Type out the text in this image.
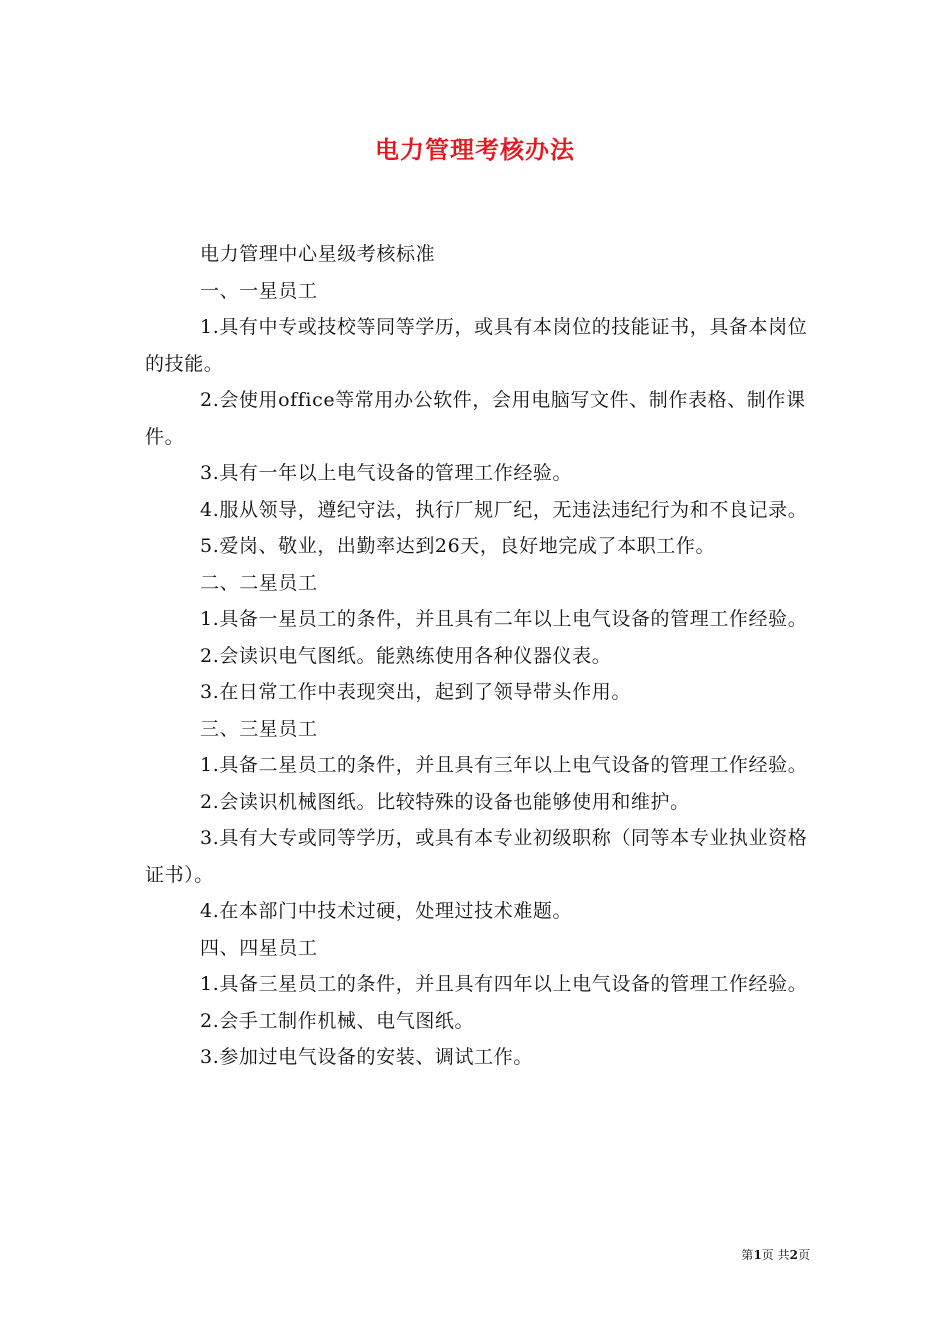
电力管理考核办法

电力管理中心星级考核标准

一、一星员工

1.具有中专或技校等同等学历，或具有本岗位的技能证书，具备本岗位的技能。

2.会使用office等常用办公软件，会用电脑写文件、制作表格、制作课件。

3.具有一年以上电气设备的管理工作经验。

4.服从领导，遵纪守法，执行厂规厂纪，无违法违纪行为和不良记录。

5.爱岗、敬业，出勤率达到26天，良好地完成了本职工作。

二、二星员工

1.具备一星员工的条件，并且具有二年以上电气设备的管理工作经验。

2.会读识电气图纸。能熟练使用各种仪器仪表。

3.在日常工作中表现突出，起到了领导带头作用。

三、三星员工

1.具备二星员工的条件，并且具有三年以上电气设备的管理工作经验。

2.会读识机械图纸。比较特殊的设备也能够使用和维护。

3.具有大专或同等学历，或具有本专业初级职称（同等本专业执业资格证书）。

4.在本部门中技术过硬，处理过技术难题。

四、四星员工

1.具备三星员工的条件，并且具有四年以上电气设备的管理工作经验。

2.会手工制作机械、电气图纸。

3.参加过电气设备的安装、调试工作。

第1页 共2页
